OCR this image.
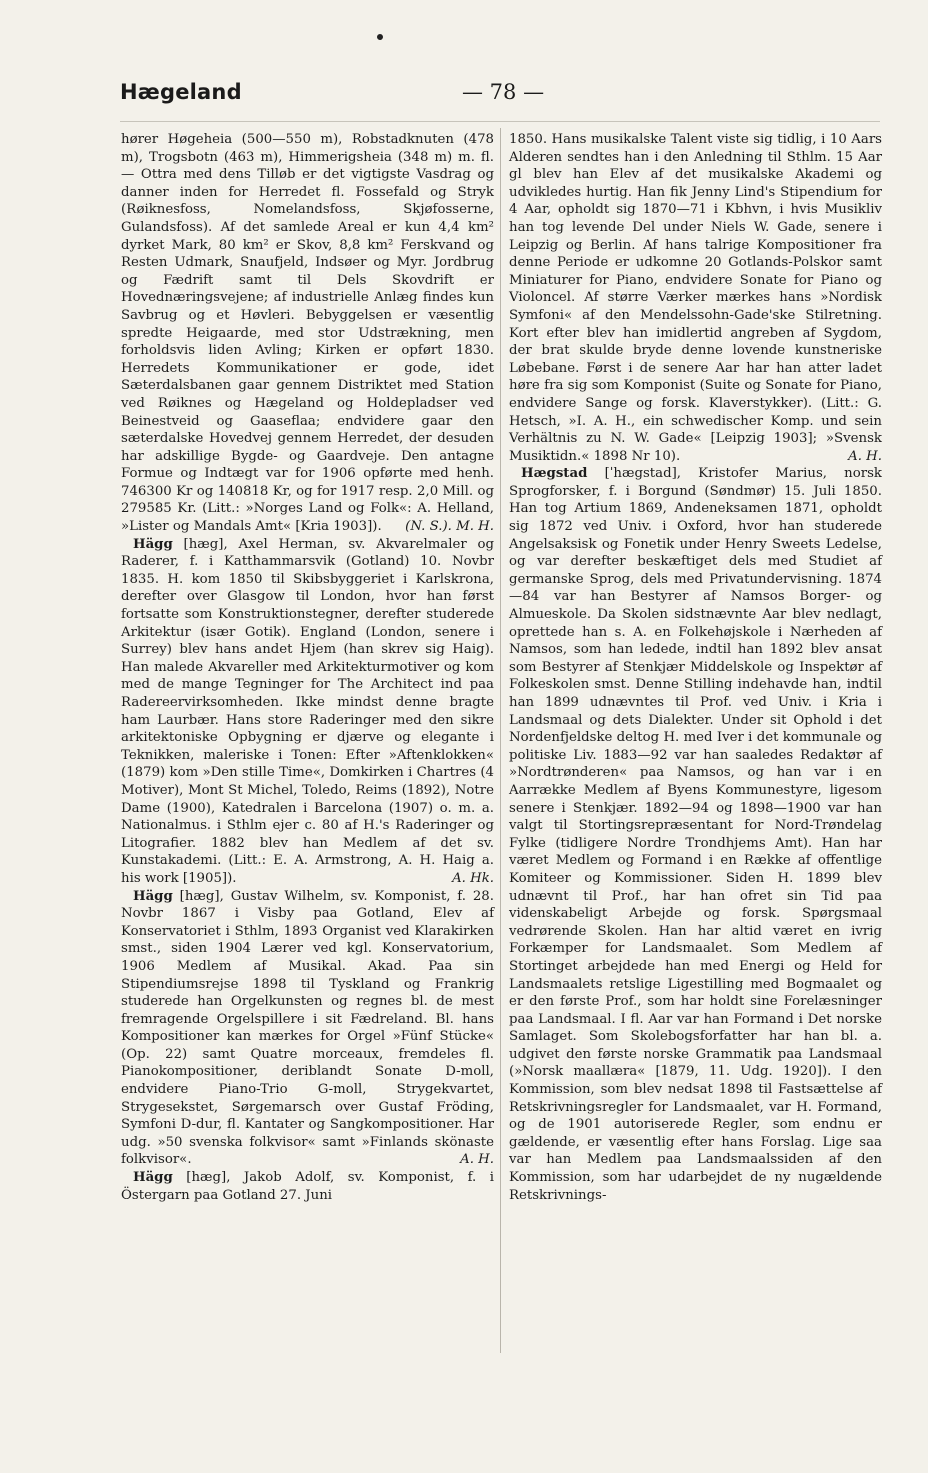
Hægeland	— 78 —

hører Høgeheia (500—550 m), Robstadknuten (478 m), Trogsbotn (463 m), Himmerigsheia (348 m) m. fl. — Ottra med dens Tilløb er det vigtigste Vasdrag og danner inden for Herredet fl. Fossefald og Stryk (Røiknesfoss, Nomelandsfoss, Skjøfosserne, Gulandsfoss). Af det samlede Areal er kun 4,4 km² dyrket Mark, 80 km² er Skov, 8,8 km² Ferskvand og Resten Udmark, Snaufjeld, Indsøer og Myr. Jordbrug og Fædrift samt til Dels Skovdrift er Hovednæringsvejene; af industrielle Anlæg findes kun Savbrug og et Høvleri. Bebyggelsen er væsentlig spredte Heigaarde, med stor Udstrækning, men forholdsvis liden Avling; Kirken er opført 1830. Herredets Kommunikationer er gode, idet Sæterdalsbanen gaar gennem Distriktet med Station ved Røiknes og Hægeland og Holdepladser ved Beinestveid og Gaaseflaa; endvidere gaar den sæterdalske Hovedvej gennem Herredet, der desuden har adskillige Bygde- og Gaardveje. Den antagne Formue og Indtægt var for 1906 opførte med henh. 746300 Kr og 140818 Kr, og for 1917 resp. 2,0 Mill. og 279585 Kr. (Litt.: »Norges Land og Folk«: A. Helland, »Lister og Mandals Amt« [Kria 1903]). (N. S.). M. H.

Hägg [hæg], Axel Herman, sv. Akvarelmaler og Raderer, f. i Katthammarsvik (Gotland) 10. Novbr 1835. H. kom 1850 til Skibsbyggeriet i Karlskrona, derefter over Glasgow til London, hvor han først fortsatte som Konstruktionstegner, derefter studerede Arkitektur (især Gotik). England (London, senere i Surrey) blev hans andet Hjem (han skrev sig Haig). Han malede Akvareller med Arkitekturmotiver og kom med de mange Tegninger for The Architect ind paa Radereervirksomheden. Ikke mindst denne bragte ham Laurbær. Hans store Raderinger med den sikre arkitektoniske Opbygning er djærve og elegante i Teknikken, maleriske i Tonen: Efter »Aftenklokken« (1879) kom »Den stille Time«, Domkirken i Chartres (4 Motiver), Mont St Michel, Toledo, Reims (1892), Notre Dame (1900), Katedralen i Barcelona (1907) o. m. a. Nationalmus. i Sthlm ejer c. 80 af H.'s Raderinger og Litografier. 1882 blev han Medlem af det sv. Kunstakademi. (Litt.: E. A. Armstrong, A. H. Haig a. his work [1905]).	A. Hk.

Hägg [hæg], Gustav Wilhelm, sv. Komponist, f. 28. Novbr 1867 i Visby paa Gotland, Elev af Konservatoriet i Sthlm, 1893 Organist ved Klarakirken smst., siden 1904 Lærer ved kgl. Konservatorium, 1906 Medlem af Musikal. Akad. Paa sin Stipendiumsrejse 1898 til Tyskland og Frankrig studerede han Orgelkunsten og regnes bl. de mest fremragende Orgelspillere i sit Fædreland. Bl. hans Kompositioner kan mærkes for Orgel »Fünf Stücke« (Op. 22) samt Quatre morceaux, fremdeles fl. Pianokompositioner, deriblandt Sonate D-moll, endvidere Piano-Trio G-moll, Strygekvartet, Strygesekstet, Sørgemarsch over Gustaf Fröding, Symfoni D-dur, fl. Kantater og Sangkompositioner. Har udg. »50 svenska folkvisor« samt »Finlands skönaste folkvisor«.	A. H.

Hägg [hæg], Jakob Adolf, sv. Komponist, f. i Östergarn paa Gotland 27. Juni

1850. Hans musikalske Talent viste sig tidlig, i 10 Aars Alderen sendtes han i den Anledning til Sthlm. 15 Aar gl blev han Elev af det musikalske Akademi og udvikledes hurtig. Han fik Jenny Lind's Stipendium for 4 Aar, opholdt sig 1870—71 i Kbhvn, i hvis Musikliv han tog levende Del under Niels W. Gade, senere i Leipzig og Berlin. Af hans talrige Kompositioner fra denne Periode er udkomne 20 Gotlands-Polskor samt Miniaturer for Piano, endvidere Sonate for Piano og Violoncel. Af større Værker mærkes hans »Nordisk Symfoni« af den Mendelssohn-Gade'ske Stilretning. Kort efter blev han imidlertid angreben af Sygdom, der brat skulde bryde denne lovende kunstneriske Løbebane. Først i de senere Aar har han atter ladet høre fra sig som Komponist (Suite og Sonate for Piano, endvidere Sange og forsk. Klaverstykker). (Litt.: G. Hetsch, »I. A. H., ein schwedischer Komp. und sein Verhältnis zu N. W. Gade« [Leipzig 1903]; »Svensk Musiktidn.« 1898 Nr 10).	A. H.

Hægstad [ˈhægstad], Kristofer Marius, norsk Sprogforsker, f. i Borgund (Søndmør) 15. Juli 1850. Han tog Artium 1869, Andeneksamen 1871, opholdt sig 1872 ved Univ. i Oxford, hvor han studerede Angelsaksisk og Fonetik under Henry Sweets Ledelse, og var derefter beskæftiget dels med Studiet af germanske Sprog, dels med Privatundervisning. 1874—84 var han Bestyrer af Namsos Borger- og Almueskole. Da Skolen sidstnævnte Aar blev nedlagt, oprettede han s. A. en Folkehøjskole i Nærheden af Namsos, som han ledede, indtil han 1892 blev ansat som Bestyrer af Stenkjær Middelskole og Inspektør af Folkeskolen smst. Denne Stilling indehavde han, indtil han 1899 udnævntes til Prof. ved Univ. i Kria i Landsmaal og dets Dialekter. Under sit Ophold i det Nordenfjeldske deltog H. med Iver i det kommunale og politiske Liv. 1883—92 var han saaledes Redaktør af »Nordtrønderen« paa Namsos, og han var i en Aarrække Medlem af Byens Kommunestyre, ligesom senere i Stenkjær. 1892—94 og 1898—1900 var han valgt til Stortingsrepræsentant for Nord-Trøndelag Fylke (tidligere Nordre Trondhjems Amt). Han har været Medlem og Formand i en Række af offentlige Komiteer og Kommissioner. Siden H. 1899 blev udnævnt til Prof., har han ofret sin Tid paa videnskabeligt Arbejde og forsk. Spørgsmaal vedrørende Skolen. Han har altid været en ivrig Forkæmper for Landsmaalet. Som Medlem af Stortinget arbejdede han med Energi og Held for Landsmaalets retslige Ligestilling med Bogmaalet og er den første Prof., som har holdt sine Forelæsninger paa Landsmaal. I fl. Aar var han Formand i Det norske Samlaget. Som Skolebogsforfatter har han bl. a. udgivet den første norske Grammatik paa Landsmaal (»Norsk maallæra« [1879, 11. Udg. 1920]). I den Kommission, som blev nedsat 1898 til Fastsættelse af Retskrivningsregler for Landsmaalet, var H. Formand, og de 1901 autoriserede Regler, som endnu er gældende, er væsentlig efter hans Forslag. Lige saa var han Medlem paa Landsmaalssiden af den Kommission, som har udarbejdet de ny nugældende Retskrivnings-
